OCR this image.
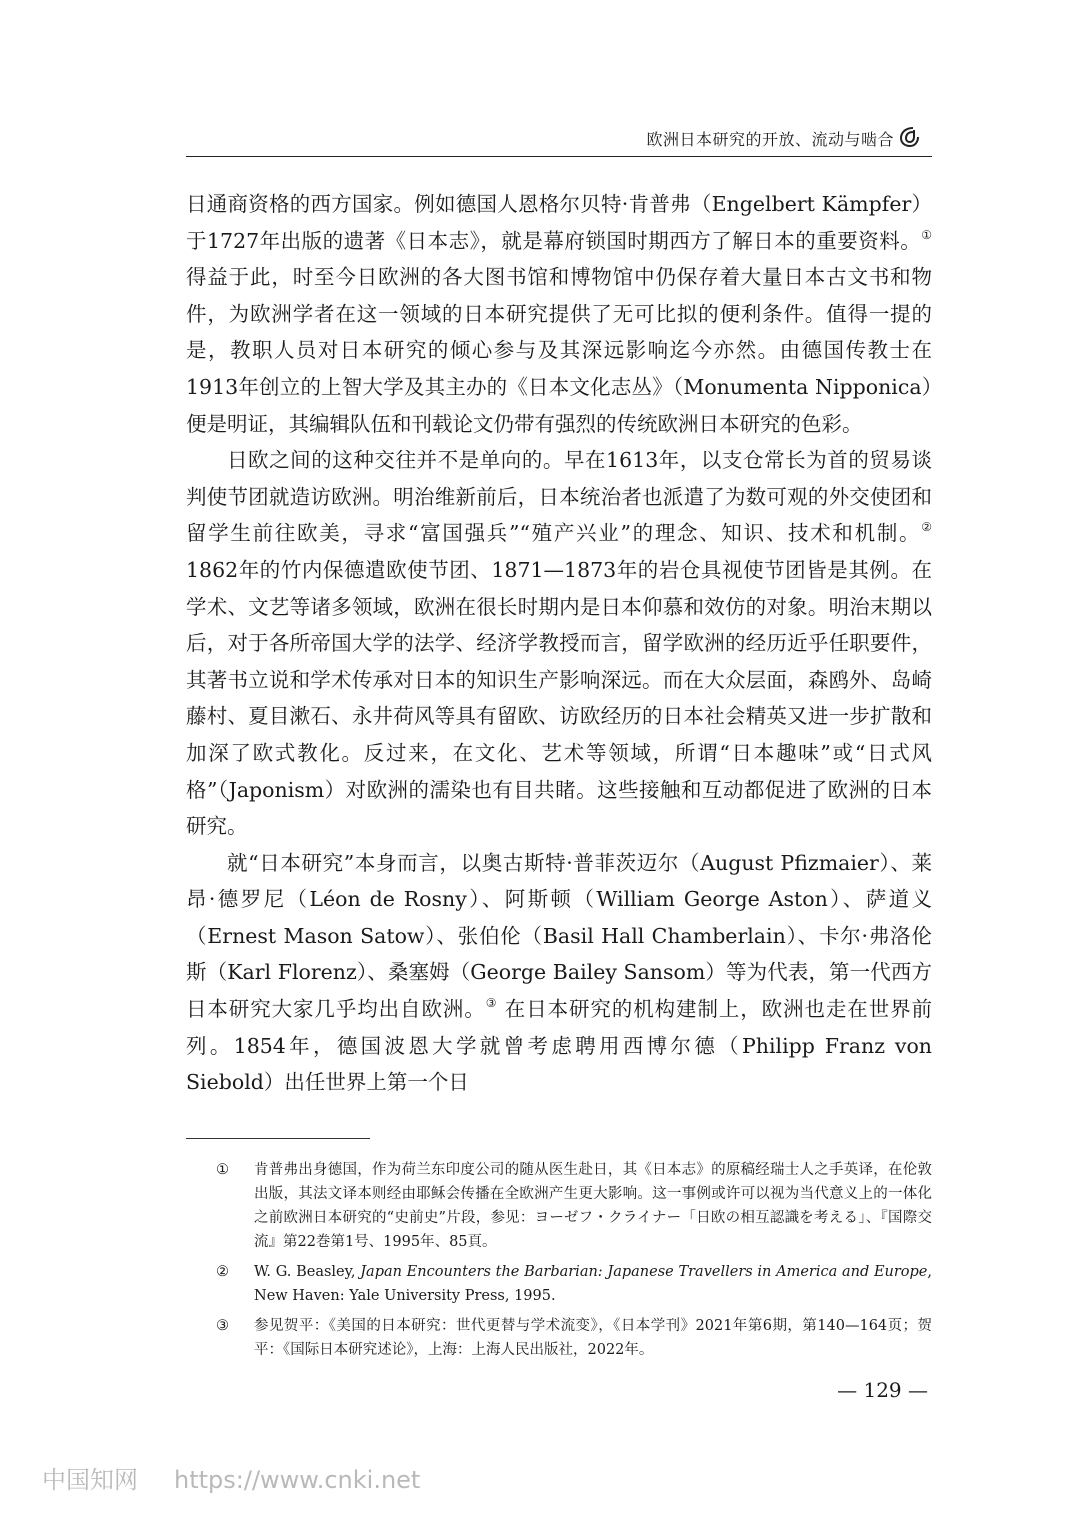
欧洲日本研究的开放、流动与啮合

日通商资格的西方国家。例如德国人恩格尔贝特·肯普弗（Engelbert Kämpfer）于1727年出版的遗著《日本志》，就是幕府锁国时期西方了解日本的重要资料。① 得益于此，时至今日欧洲的各大图书馆和博物馆中仍保存着大量日本古文书和物件，为欧洲学者在这一领域的日本研究提供了无可比拟的便利条件。值得一提的是，教职人员对日本研究的倾心参与及其深远影响迄今亦然。由德国传教士在1913年创立的上智大学及其主办的《日本文化志丛》（Monumenta Nipponica）便是明证，其编辑队伍和刊载论文仍带有强烈的传统欧洲日本研究的色彩。

日欧之间的这种交往并不是单向的。早在1613年，以支仓常长为首的贸易谈判使节团就造访欧洲。明治维新前后，日本统治者也派遣了为数可观的外交使团和留学生前往欧美，寻求“富国强兵”“殖产兴业”的理念、知识、技术和机制。② 1862年的竹内保德遣欧使节团、1871—1873年的岩仓具视使节团皆是其例。在学术、文艺等诸多领域，欧洲在很长时期内是日本仰慕和效仿的对象。明治末期以后，对于各所帝国大学的法学、经济学教授而言，留学欧洲的经历近乎任职要件，其著书立说和学术传承对日本的知识生产影响深远。而在大众层面，森鸥外、岛崎藤村、夏目漱石、永井荷风等具有留欧、访欧经历的日本社会精英又进一步扩散和加深了欧式教化。反过来，在文化、艺术等领域，所谓“日本趣味”或“日式风格”（Japonism）对欧洲的濡染也有目共睹。这些接触和互动都促进了欧洲的日本研究。

就“日本研究”本身而言，以奥古斯特·普菲茨迈尔（August Pfizmaier）、莱昂·德罗尼（Léon de Rosny）、阿斯顿（William George Aston）、萨道义（Ernest Mason Satow）、张伯伦（Basil Hall Chamberlain）、卡尔·弗洛伦斯（Karl Florenz）、桑塞姆（George Bailey Sansom）等为代表，第一代西方日本研究大家几乎均出自欧洲。③ 在日本研究的机构建制上，欧洲也走在世界前列。1854年，德国波恩大学就曾考虑聘用西博尔德（Philipp Franz von Siebold）出任世界上第一个日

①	肯普弗出身德国，作为荷兰东印度公司的随从医生赴日，其《日本志》的原稿经瑞士人之手英译，在伦敦出版，其法文译本则经由耶稣会传播在全欧洲产生更大影响。这一事例或许可以视为当代意义上的一体化之前欧洲日本研究的“史前史”片段，参见：ヨーゼフ・クライナー「日欧の相互認識を考える」、『国際交流』第22巻第1号、1995年、85頁。
②	W. G. Beasley, Japan Encounters the Barbarian: Japanese Travellers in America and Europe, New Haven: Yale University Press, 1995.
③	参见贺平：《美国的日本研究：世代更替与学术流变》，《日本学刊》2021年第6期，第140—164页；贺平：《国际日本研究述论》，上海：上海人民出版社，2022年。
— 129 —
中国知网 https://www.cnki.net
